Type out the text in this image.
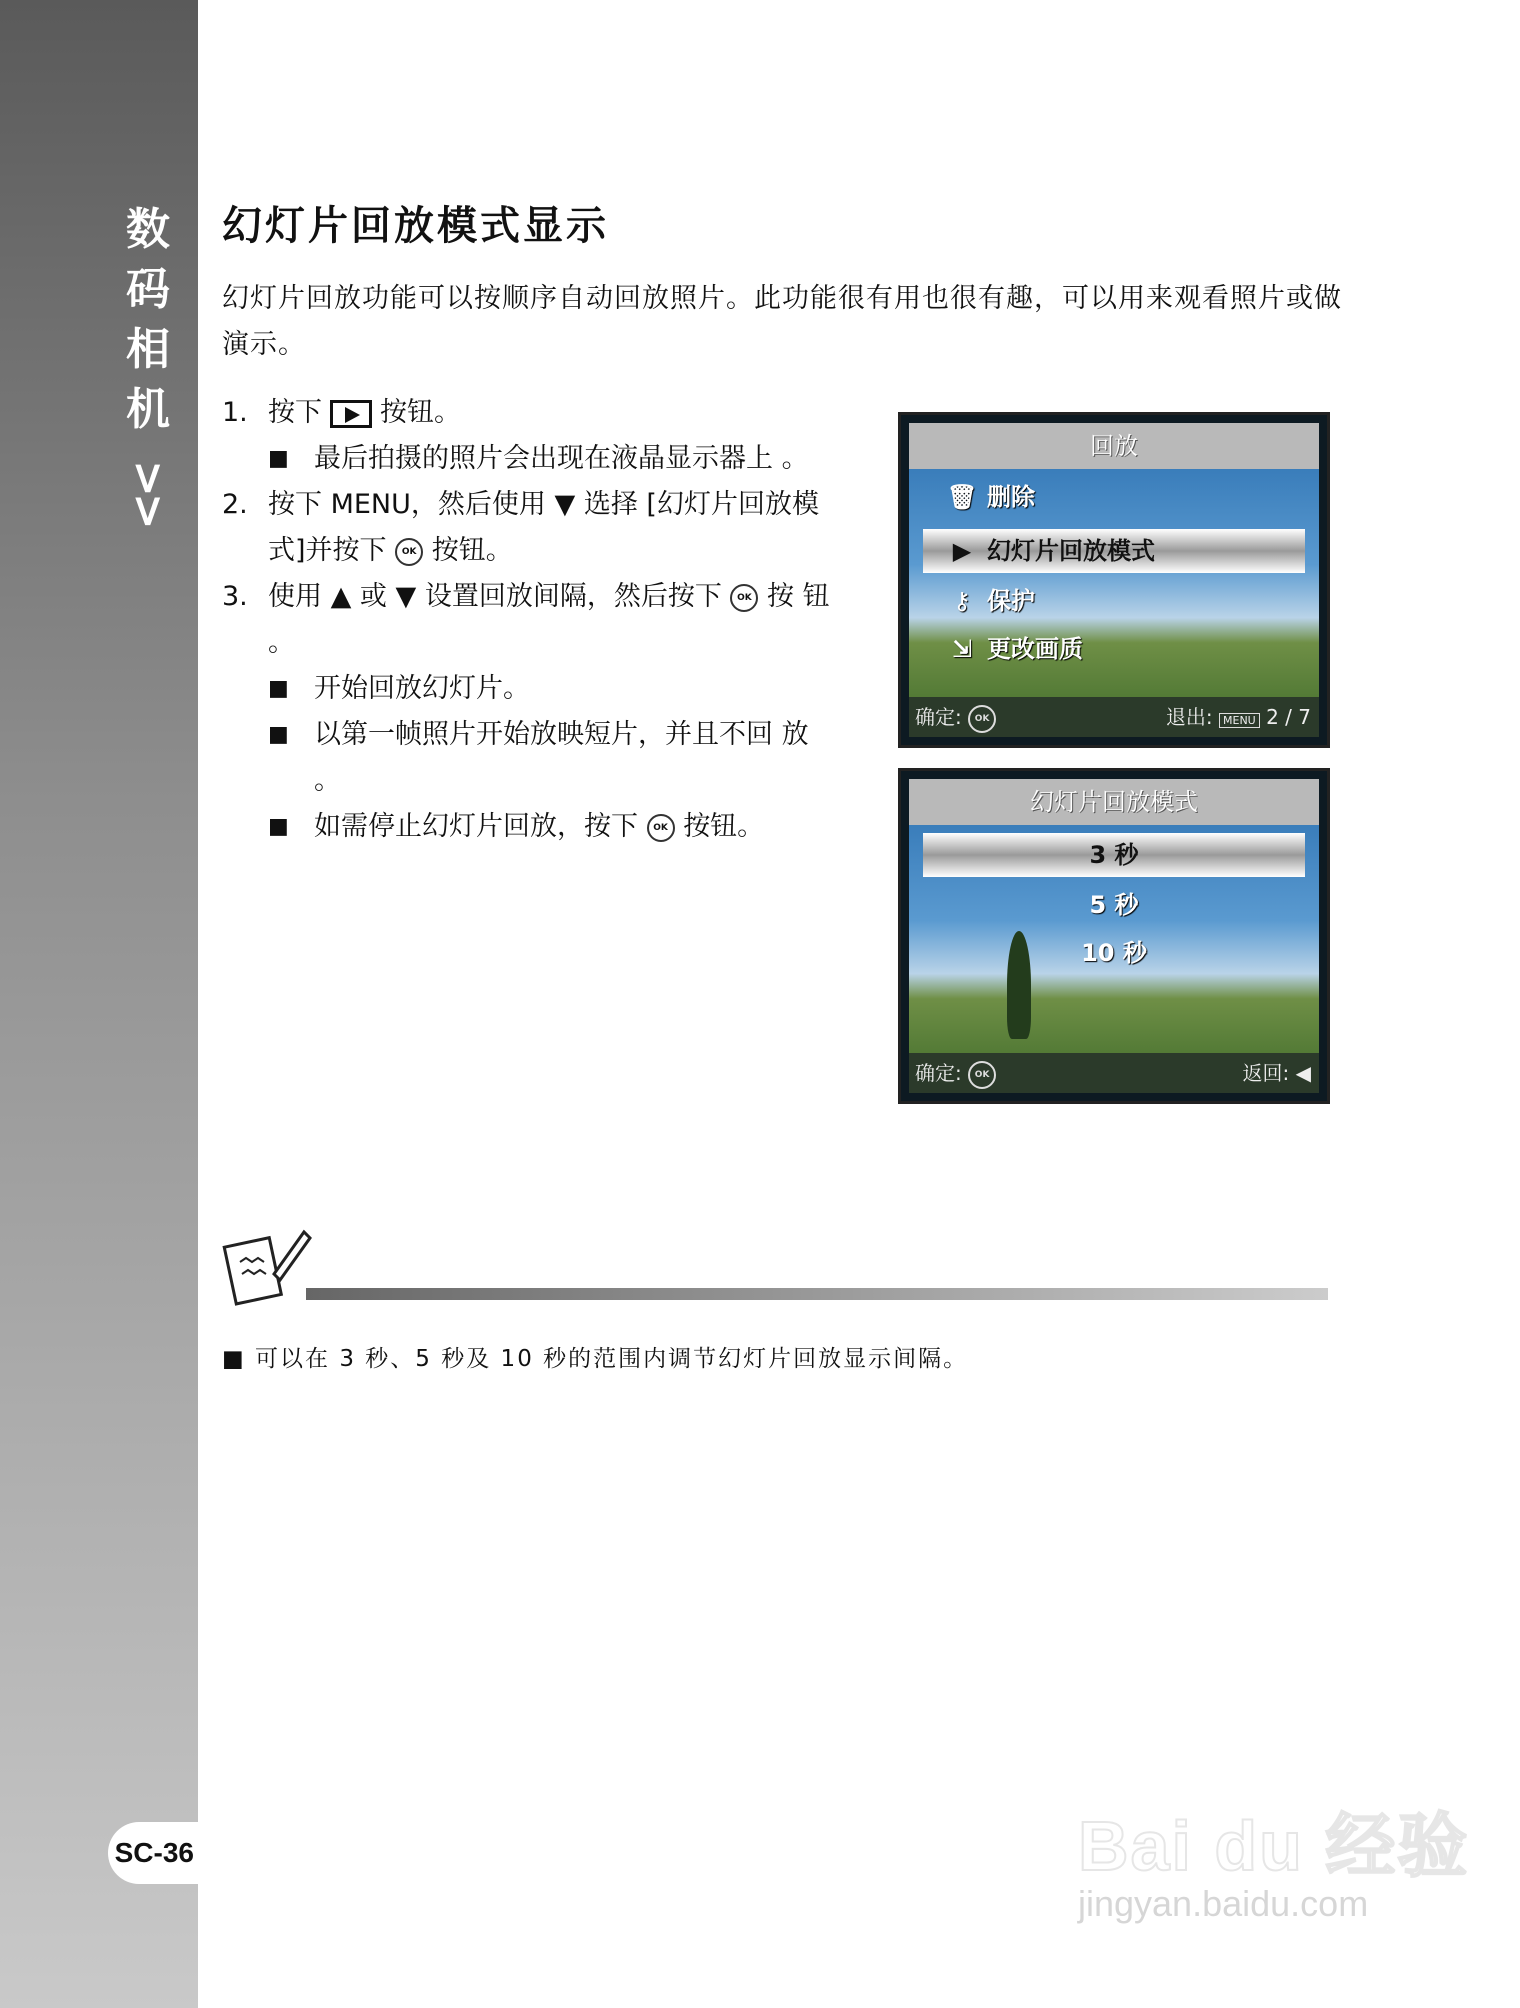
数
码
相
机
>>
SC-36
幻灯片回放模式显示

幻灯片回放功能可以按顺序自动回放照片。此功能很有用也很有趣，可以用来观看照片或做演示。

1. 按下 按钮。
■ 最后拍摄的照片会出现在液晶显示器上 。
2. 按下 MENU，然后使用 ▼ 选择 [幻灯片回放模式]并按下 OK 按钮。
3. 使用 ▲ 或 ▼ 设置回放间隔，然后按下 OK 按 钮 。
■ 开始回放幻灯片。
■ 以第一帧照片开始放映短片，并且不回 放 。
■ 如需停止幻灯片回放，按下 OK 按钮。
回放
🗑 删除
▶ 幻灯片回放模式
⚷ 保护
⇲ 更改画质
确定: OK	退出: MENU 2 / 7
幻灯片回放模式
3 秒
5 秒
10 秒
确定: OK	返回: ◀
■ 可以在 3 秒、5 秒及 10 秒的范围内调节幻灯片回放显示间隔。
Bai du 经验
jingyan.baidu.com
